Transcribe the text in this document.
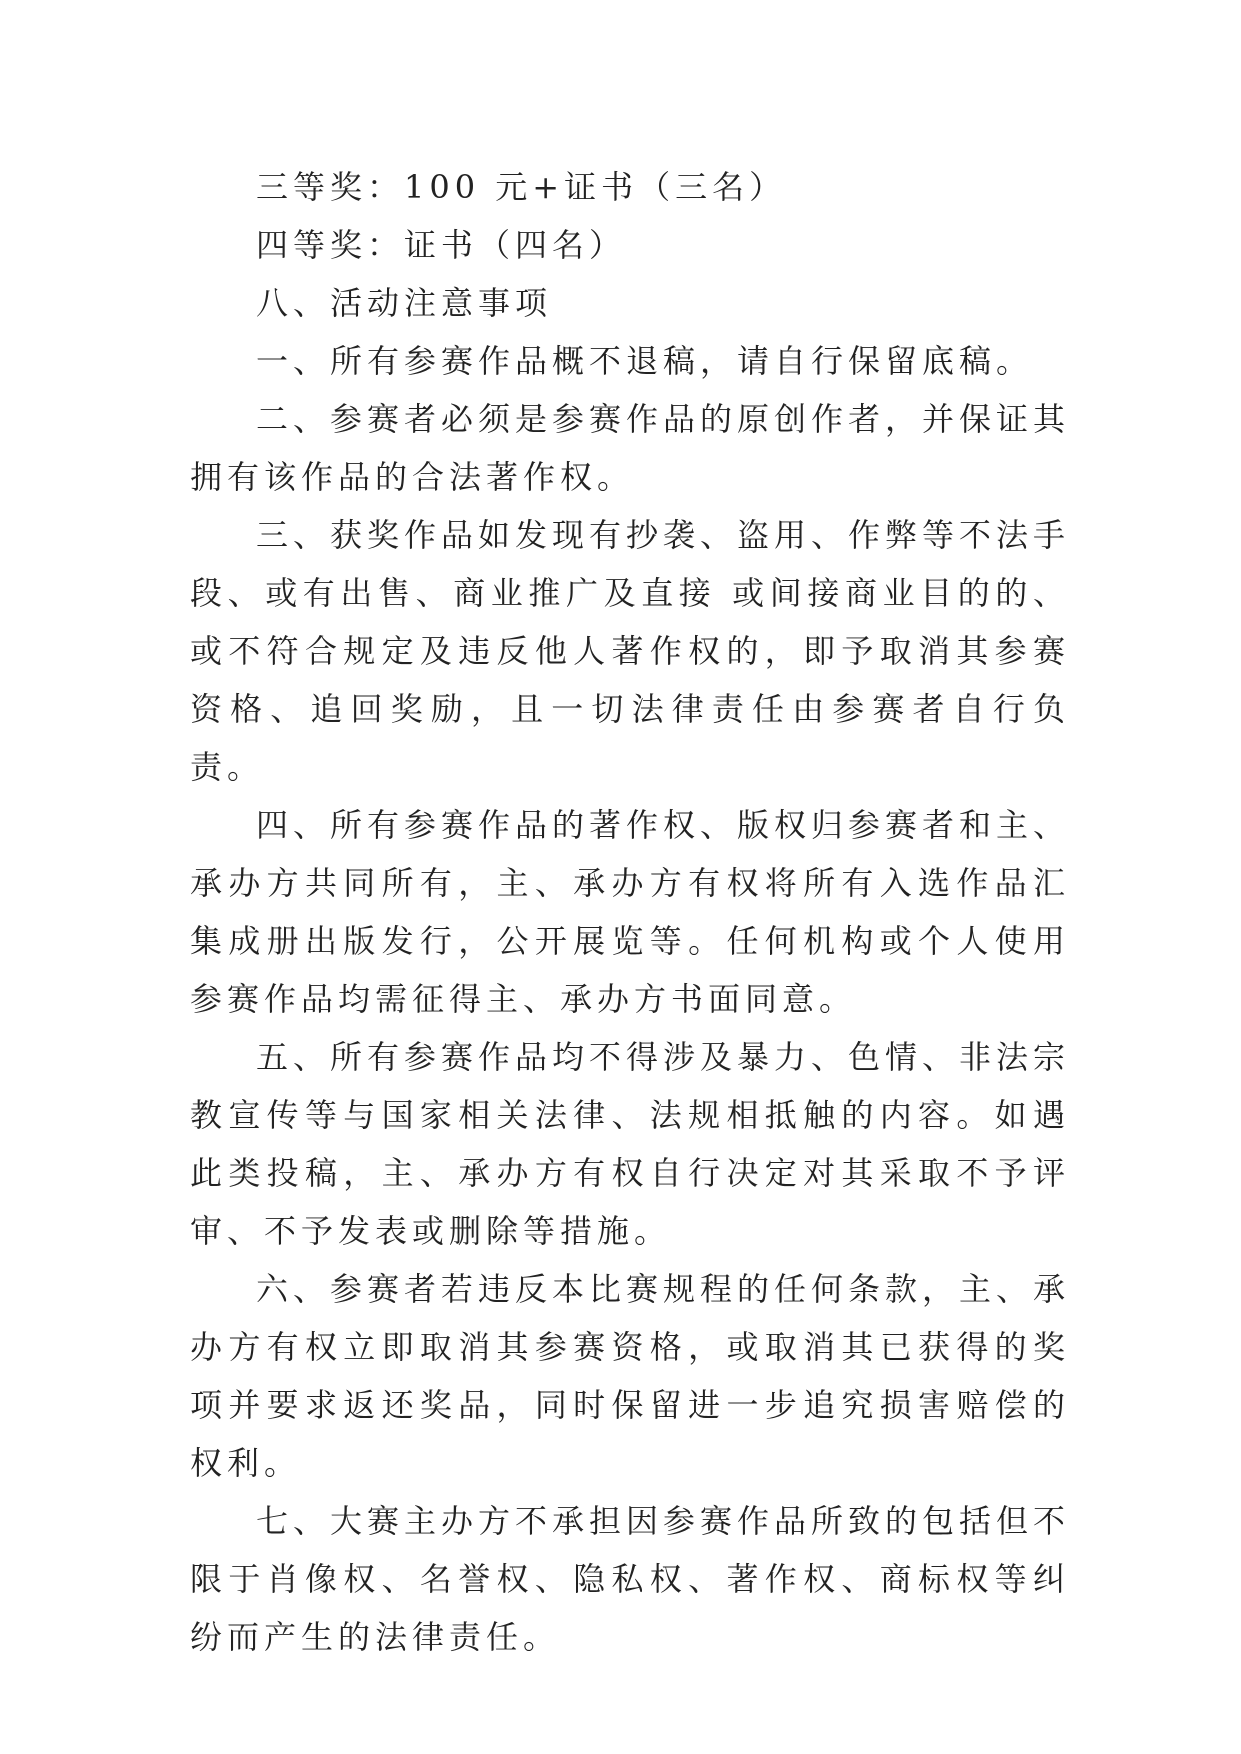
三等奖：100 元+证书（三名）

四等奖：证书（四名）

八、活动注意事项

一、所有参赛作品概不退稿，请自行保留底稿。

二、参赛者必须是参赛作品的原创作者，并保证其拥有该作品的合法著作权。

三、获奖作品如发现有抄袭、盗用、作弊等不法手段、或有出售、商业推广及直接 或间接商业目的的、或不符合规定及违反他人著作权的，即予取消其参赛资格、追回奖励，且一切法律责任由参赛者自行负责。

四、所有参赛作品的著作权、版权归参赛者和主、承办方共同所有，主、承办方有权将所有入选作品汇集成册出版发行，公开展览等。任何机构或个人使用参赛作品均需征得主、承办方书面同意。

五、所有参赛作品均不得涉及暴力、色情、非法宗教宣传等与国家相关法律、法规相抵触的内容。如遇此类投稿，主、承办方有权自行决定对其采取不予评审、不予发表或删除等措施。

六、参赛者若违反本比赛规程的任何条款，主、承办方有权立即取消其参赛资格，或取消其已获得的奖项并要求返还奖品，同时保留进一步追究损害赔偿的权利。

七、大赛主办方不承担因参赛作品所致的包括但不限于肖像权、名誉权、隐私权、著作权、商标权等纠纷而产生的法律责任。
